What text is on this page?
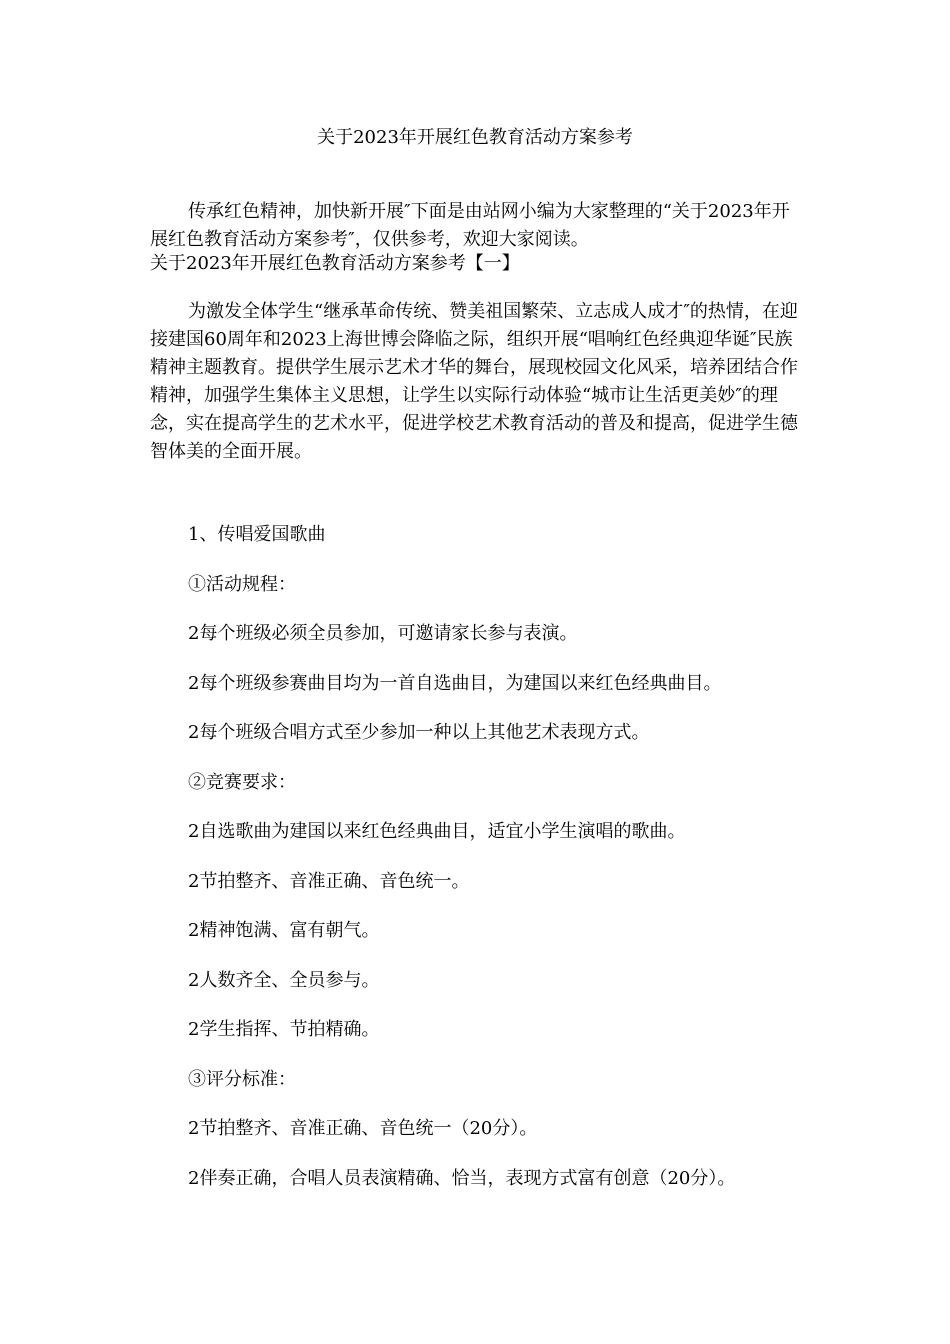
关于2023年开展红色教育活动方案参考

传承红色精神，加快新开展″下面是由站网小编为大家整理的“关于2023年开展红色教育活动方案参考″，仅供参考，欢迎大家阅读。

关于2023年开展红色教育活动方案参考【一】

为激发全体学生“继承革命传统、赞美祖国繁荣、立志成人成才″的热情，在迎接建国60周年和2023上海世博会降临之际，组织开展“唱响红色经典迎华诞″民族精神主题教育。提供学生展示艺术才华的舞台，展现校园文化风采，培养团结合作精神，加强学生集体主义思想，让学生以实际行动体验“城市让生活更美妙″的理念，实在提高学生的艺术水平，促进学校艺术教育活动的普及和提高，促进学生德智体美的全面开展。

1、传唱爱国歌曲
①活动规程：
2每个班级必须全员参加，可邀请家长参与表演。
2每个班级参赛曲目均为一首自选曲目，为建国以来红色经典曲目。
2每个班级合唱方式至少参加一种以上其他艺术表现方式。
②竞赛要求：
2自选歌曲为建国以来红色经典曲目，适宜小学生演唱的歌曲。
2节拍整齐、音准正确、音色统一。
2精神饱满、富有朝气。
2人数齐全、全员参与。
2学生指挥、节拍精确。
③评分标准：
2节拍整齐、音准正确、音色统一（20分）。
2伴奏正确，合唱人员表演精确、恰当，表现方式富有创意（20分）。
